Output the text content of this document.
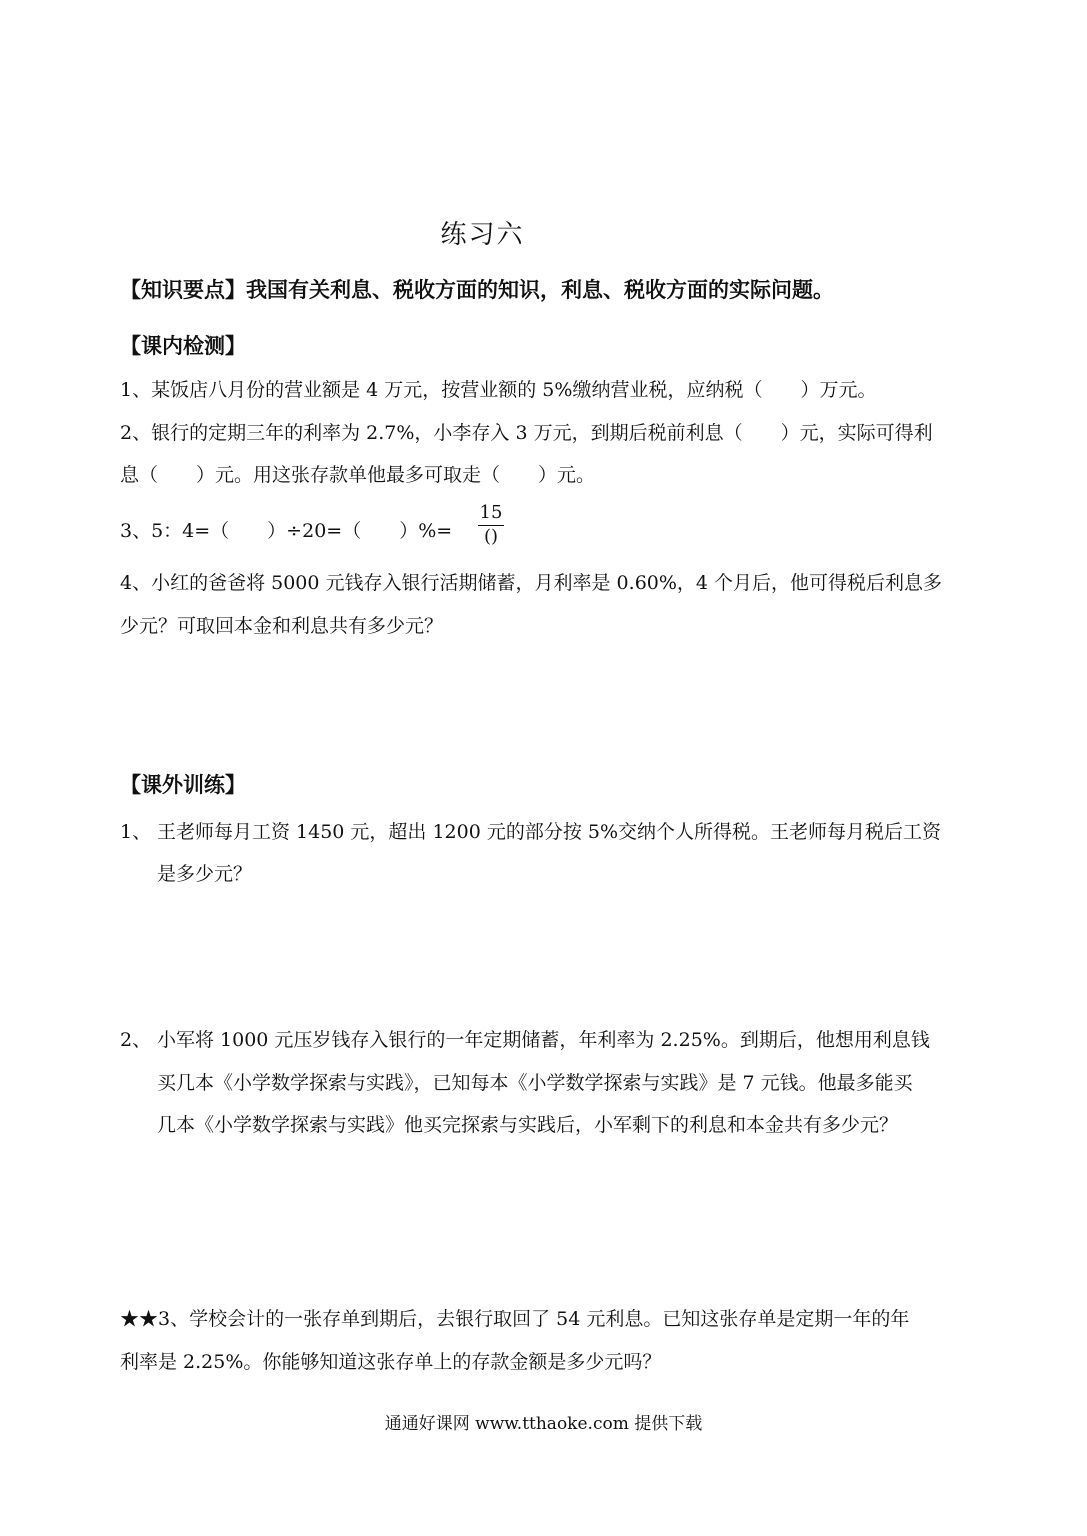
练习六
【知识要点】我国有关利息、税收方面的知识，利息、税收方面的实际问题。
【课内检测】
1、某饭店八月份的营业额是 4 万元，按营业额的 5%缴纳营业税，应纳税（　　）万元。
2、银行的定期三年的利率为 2.7%，小李存入 3 万元，到期后税前利息（　　）元，实际可得利
息（　　）元。用这张存款单他最多可取走（　　）元。
3、5：4=（　　）÷20=（　　）%=
15
()
4、小红的爸爸将 5000 元钱存入银行活期储蓄，月利率是 0.60%，4 个月后，他可得税后利息多
少元？可取回本金和利息共有多少元？
【课外训练】
1、 王老师每月工资 1450 元，超出 1200 元的部分按 5%交纳个人所得税。王老师每月税后工资
是多少元？
2、 小军将 1000 元压岁钱存入银行的一年定期储蓄，年利率为 2.25%。到期后，他想用利息钱
买几本《小学数学探索与实践》，已知每本《小学数学探索与实践》是 7 元钱。他最多能买
几本《小学数学探索与实践》他买完探索与实践后，小军剩下的利息和本金共有多少元？
★★3、学校会计的一张存单到期后，去银行取回了 54 元利息。已知这张存单是定期一年的年
利率是 2.25%。你能够知道这张存单上的存款金额是多少元吗？
通通好课网 www.tthaoke.com 提供下载
